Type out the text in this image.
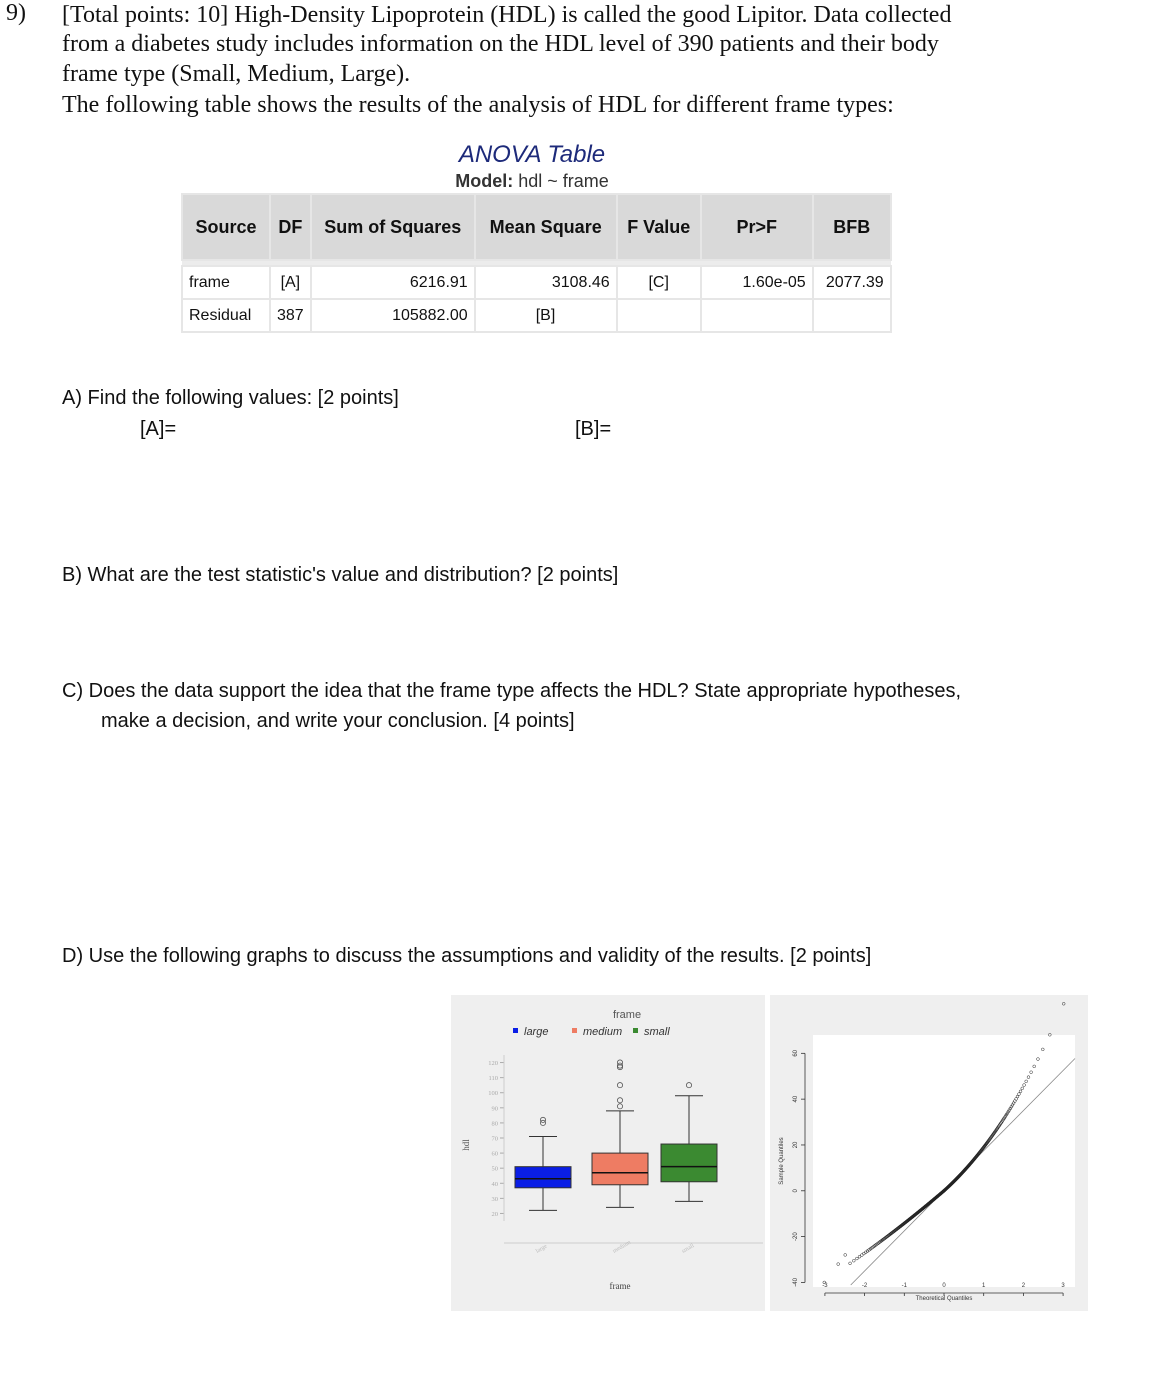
9) [Total points: 10] High-Density Lipoprotein (HDL) is called the good Lipitor. Data collected
from a diabetes study includes information on the HDL level of 390 patients and their body
frame type (Small, Medium, Large).
The following table shows the results of the analysis of HDL for different frame types:
ANOVA Table
Model: hdl ~ frame
Source	DF	Sum of Squares	Mean Square	F Value	Pr>F	BFB

frame	[A]	6216.91	3108.46	[C]	1.60e-05	2077.39
Residual	387	105882.00	[B]			
A) Find the following values: [2 points]
[A]=	[B]=
B) What are the test statistic's value and distribution? [2 points]
C) Does the data support the idea that the frame type affects the HDL? State appropriate hypotheses,
make a decision, and write your conclusion. [4 points]
D) Use the following graphs to discuss the assumptions and validity of the results. [2 points]
frame
large	medium small
hdl
20
30
40
50
60
70
80
90
100
110
120
large	medium	small
frame	-40
-20
0
20
40
60
-3	-2	-1	0	1	2	3
Theoretical Quantiles
Sample Quantiles
